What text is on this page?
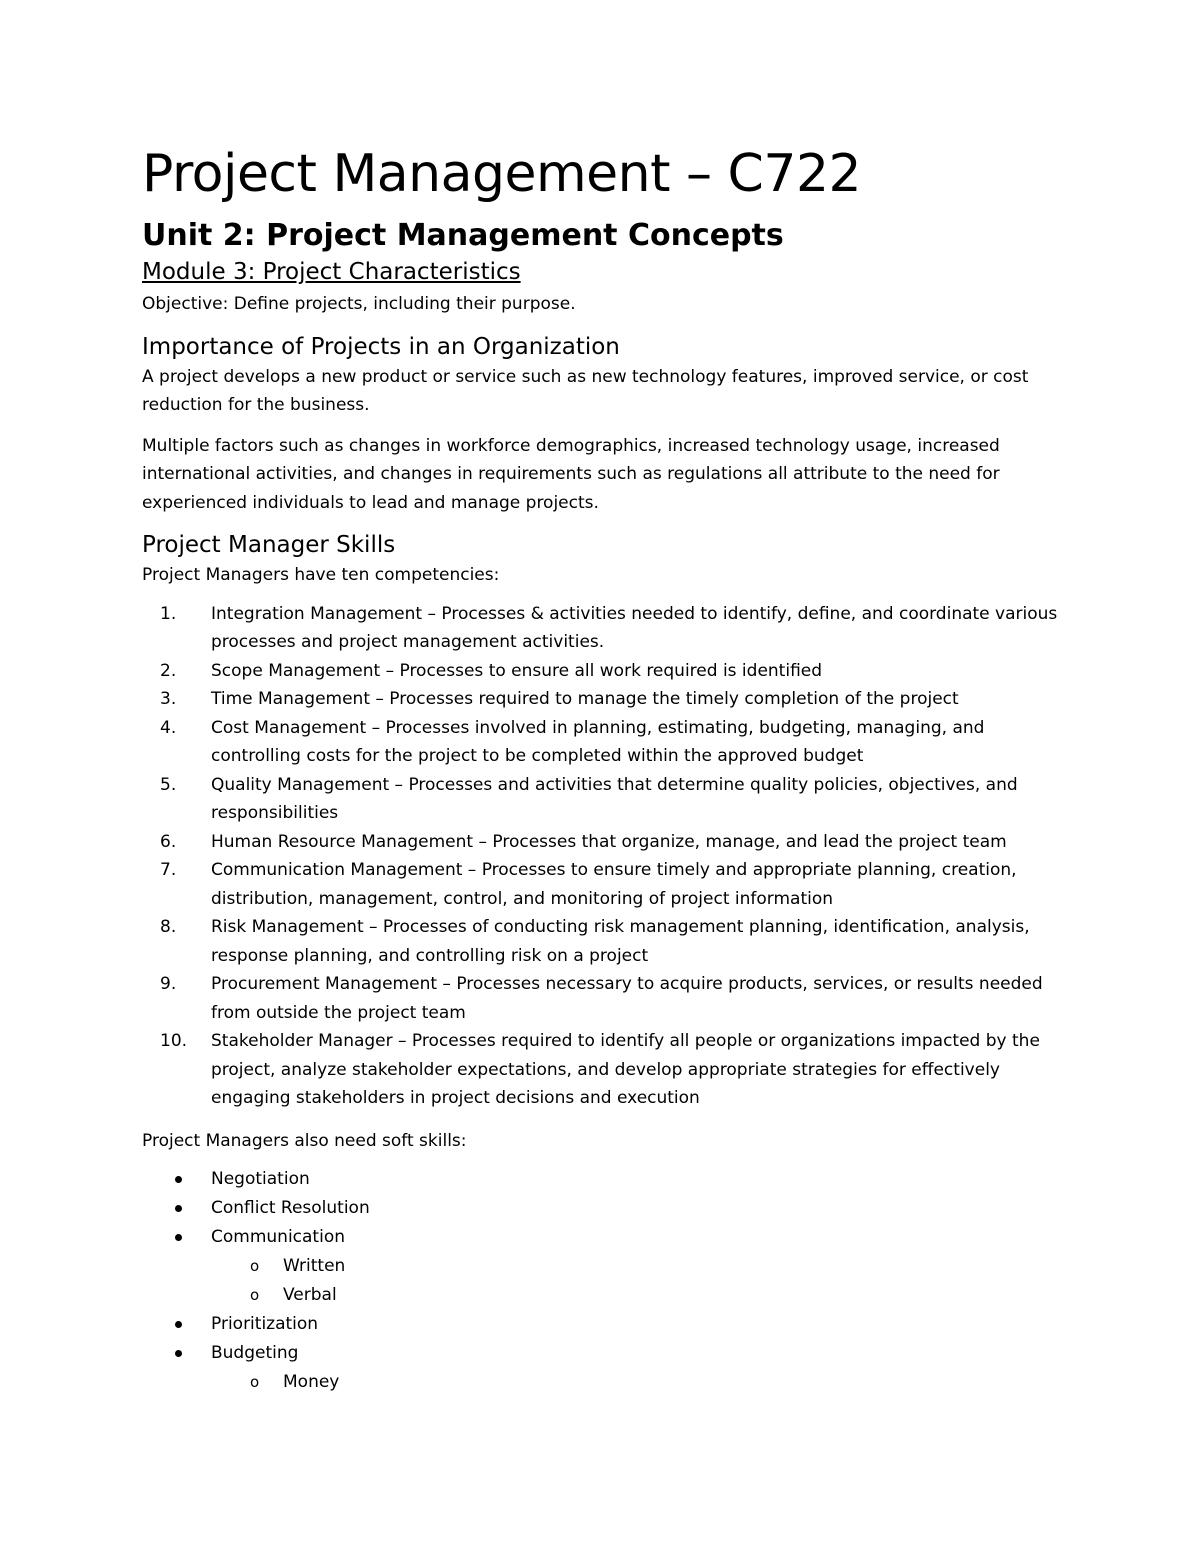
Project Management – C722
Unit 2: Project Management Concepts
Module 3: Project Characteristics

Objective: Define projects, including their purpose.

Importance of Projects in an Organization

A project develops a new product or service such as new technology features, improved service, or cost reduction for the business.

Multiple factors such as changes in workforce demographics, increased technology usage, increased international activities, and changes in requirements such as regulations all attribute to the need for experienced individuals to lead and manage projects.

Project Manager Skills

Project Managers have ten competencies:

1.	Integration Management – Processes & activities needed to identify, define, and coordinate various processes and project management activities.
2.	Scope Management – Processes to ensure all work required is identified
3.	Time Management – Processes required to manage the timely completion of the project
4.	Cost Management – Processes involved in planning, estimating, budgeting, managing, and controlling costs for the project to be completed within the approved budget
5.	Quality Management – Processes and activities that determine quality policies, objectives, and responsibilities
6.	Human Resource Management – Processes that organize, manage, and lead the project team
7.	Communication Management – Processes to ensure timely and appropriate planning, creation, distribution, management, control, and monitoring of project information
8.	Risk Management – Processes of conducting risk management planning, identification, analysis, response planning, and controlling risk on a project
9.	Procurement Management – Processes necessary to acquire products, services, or results needed from outside the project team
10.	Stakeholder Manager – Processes required to identify all people or organizations impacted by the project, analyze stakeholder expectations, and develop appropriate strategies for effectively engaging stakeholders in project decisions and execution

Project Managers also need soft skills:

Negotiation
Conflict Resolution
Communication
o Written
o Verbal
Prioritization
Budgeting
o Money
